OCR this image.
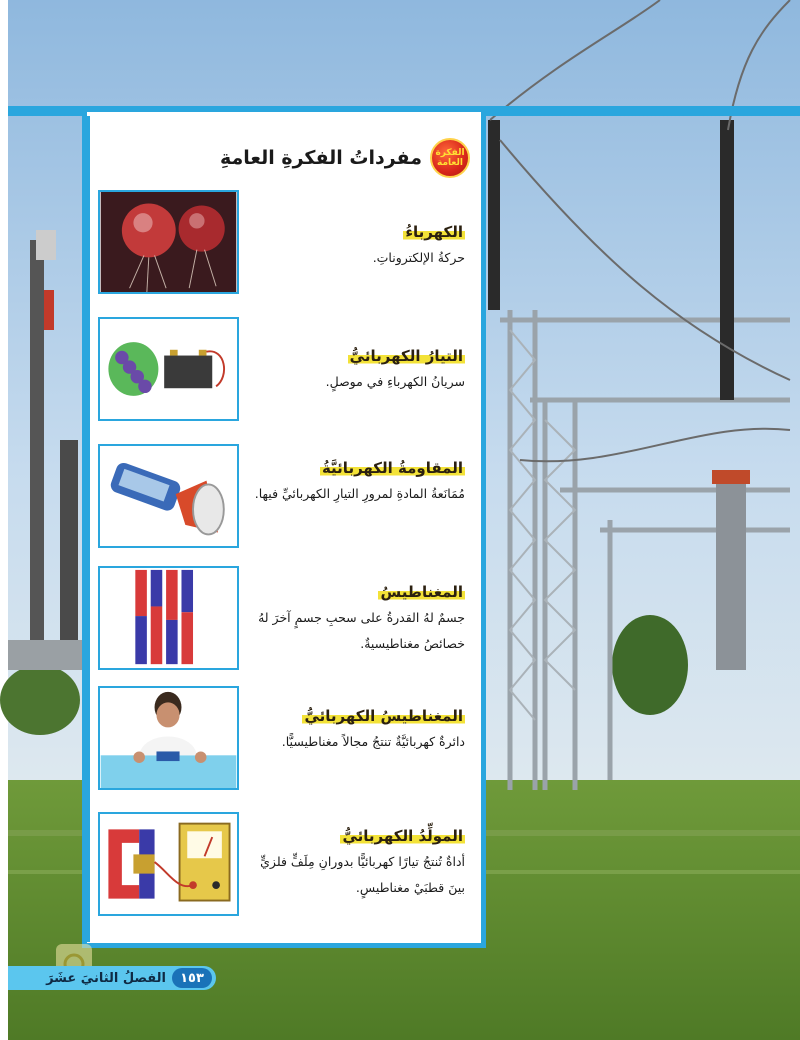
الفكرة
العامة
مفرداتُ الفكرةِ العامةِ
الكهرباءُ
حركةُ الإلكتروناتِ.
التيارُ الكهربائيُّ
سريانُ الكهرباءِ في موصلٍ.
المقاومةُ الكهربائيَّةُ
مُمَانَعةُ المادةِ لمرورِ التيارِ الكهربائيِّ فيها.
المغناطيسُ
جسمٌ لهُ القدرةُ على سحبِ جسمٍ آخرَ لهُ خصائصُ مغناطيسيةٌ.
المغناطيسُ الكهربائيُّ
دائرةٌ كهربائيَّةٌ تنتجُ مجالاً مغناطيسيًّا.
المولِّدُ الكهربائيُّ
أداةٌ تُنتجُ تيارًا كهربائيًّا بدورانِ مِلَفٍّ فلزيٍّ بينَ قطبَيْ مغناطيسٍ.
الفصلُ الثانيَ عشَرَ	١٥٣
